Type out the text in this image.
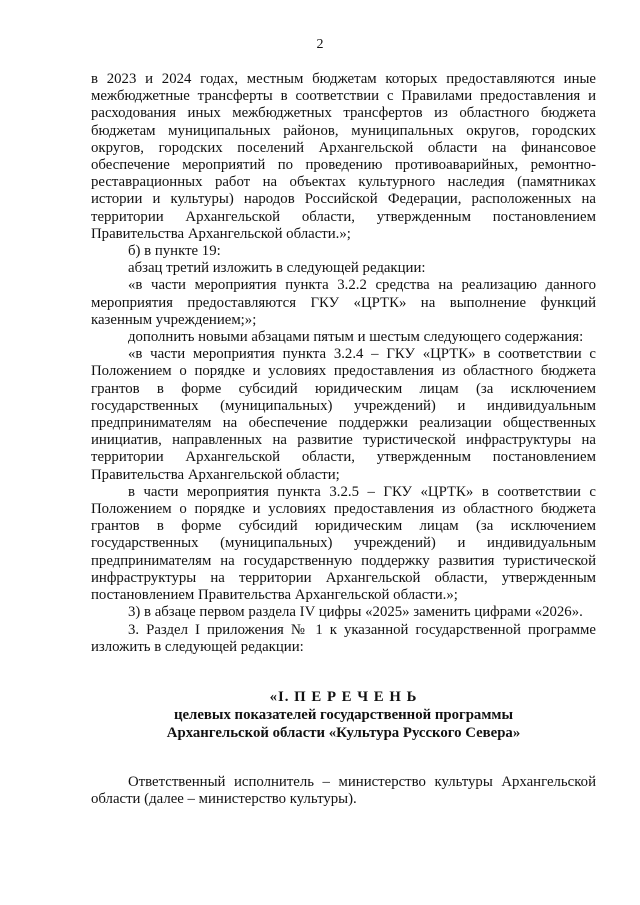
2

в 2023 и 2024 годах, местным бюджетам которых предоставляются иные межбюджетные трансферты в соответствии с Правилами предоставления и расходования иных межбюджетных трансфертов из областного бюджета бюджетам муниципальных районов, муниципальных округов, городских округов, городских поселений Архангельской области на финансовое обеспечение мероприятий по проведению противоаварийных, ремонтно-реставрационных работ на объектах культурного наследия (памятниках истории и культуры) народов Российской Федерации, расположенных на территории Архангельской области, утвержденным постановлением Правительства Архангельской области.»;

б) в пункте 19:

абзац третий изложить в следующей редакции:

«в части мероприятия пункта 3.2.2 средства на реализацию данного мероприятия предоставляются ГКУ «ЦРТК» на выполнение функций казенным учреждением;»;

дополнить новыми абзацами пятым и шестым следующего содержания:

«в части мероприятия пункта 3.2.4 – ГКУ «ЦРТК» в соответствии с Положением о порядке и условиях предоставления из областного бюджета грантов в форме субсидий юридическим лицам (за исключением государственных (муниципальных) учреждений) и индивидуальным предпринимателям на обеспечение поддержки реализации общественных инициатив, направленных на развитие туристической инфраструктуры на территории Архангельской области, утвержденным постановлением Правительства Архангельской области;

в части мероприятия пункта 3.2.5 – ГКУ «ЦРТК» в соответствии с Положением о порядке и условиях предоставления из областного бюджета грантов в форме субсидий юридическим лицам (за исключением государственных (муниципальных) учреждений) и индивидуальным предпринимателям на государственную поддержку развития туристической инфраструктуры на территории Архангельской области, утвержденным постановлением Правительства Архангельской области.»;

3) в абзаце первом раздела IV цифры «2025» заменить цифрами «2026».

3. Раздел I приложения № 1 к указанной государственной программе изложить в следующей редакции:

«I. П Е Р Е Ч Е Н Ь
целевых показателей государственной программы
Архангельской области «Культура Русского Севера»

Ответственный исполнитель – министерство культуры Архангельской области (далее – министерство культуры).
